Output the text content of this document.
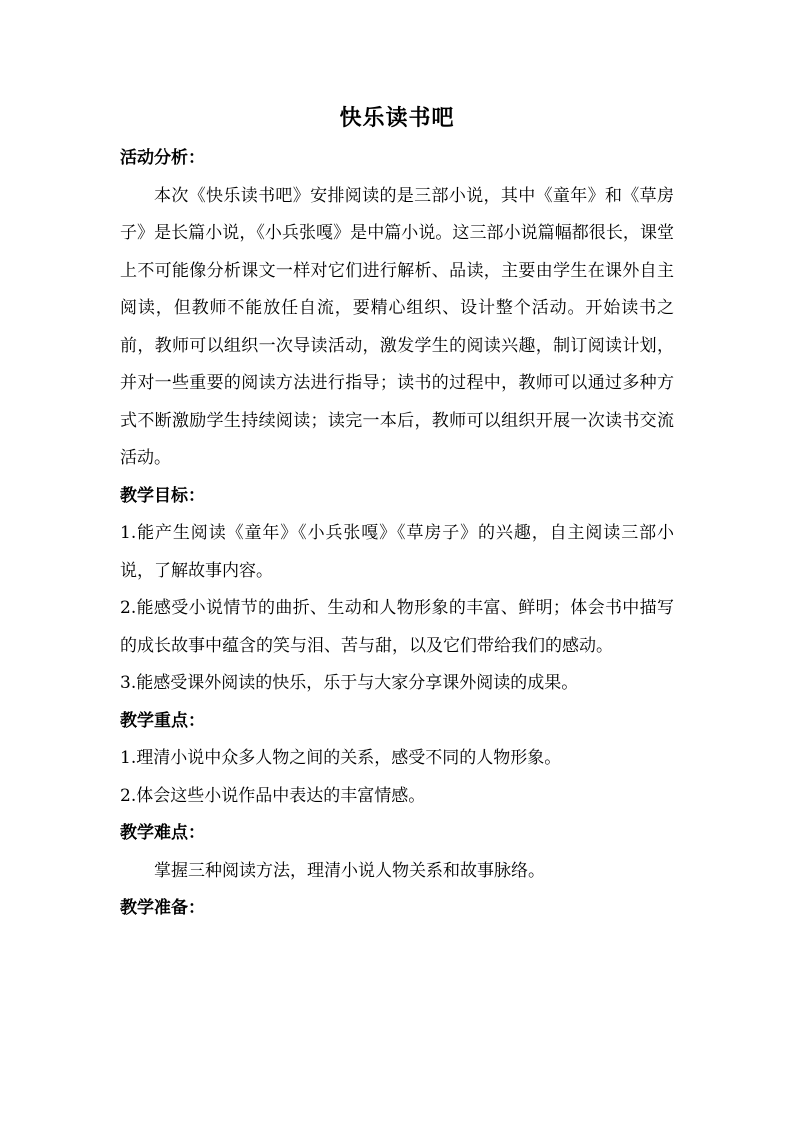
快乐读书吧

活动分析：

本次《快乐读书吧》安排阅读的是三部小说，其中《童年》和《草房子》是长篇小说，《小兵张嘎》是中篇小说。这三部小说篇幅都很长，课堂上不可能像分析课文一样对它们进行解析、品读，主要由学生在课外自主阅读，但教师不能放任自流，要精心组织、设计整个活动。开始读书之前，教师可以组织一次导读活动，激发学生的阅读兴趣，制订阅读计划，并对一些重要的阅读方法进行指导；读书的过程中，教师可以通过多种方式不断激励学生持续阅读；读完一本后，教师可以组织开展一次读书交流活动。

教学目标：

1.能产生阅读《童年》《小兵张嘎》《草房子》的兴趣，自主阅读三部小说，了解故事内容。

2.能感受小说情节的曲折、生动和人物形象的丰富、鲜明；体会书中描写的成长故事中蕴含的笑与泪、苦与甜，以及它们带给我们的感动。

3.能感受课外阅读的快乐，乐于与大家分享课外阅读的成果。

教学重点：

1.理清小说中众多人物之间的关系，感受不同的人物形象。

2.体会这些小说作品中表达的丰富情感。

教学难点：

掌握三种阅读方法，理清小说人物关系和故事脉络。

教学准备：
